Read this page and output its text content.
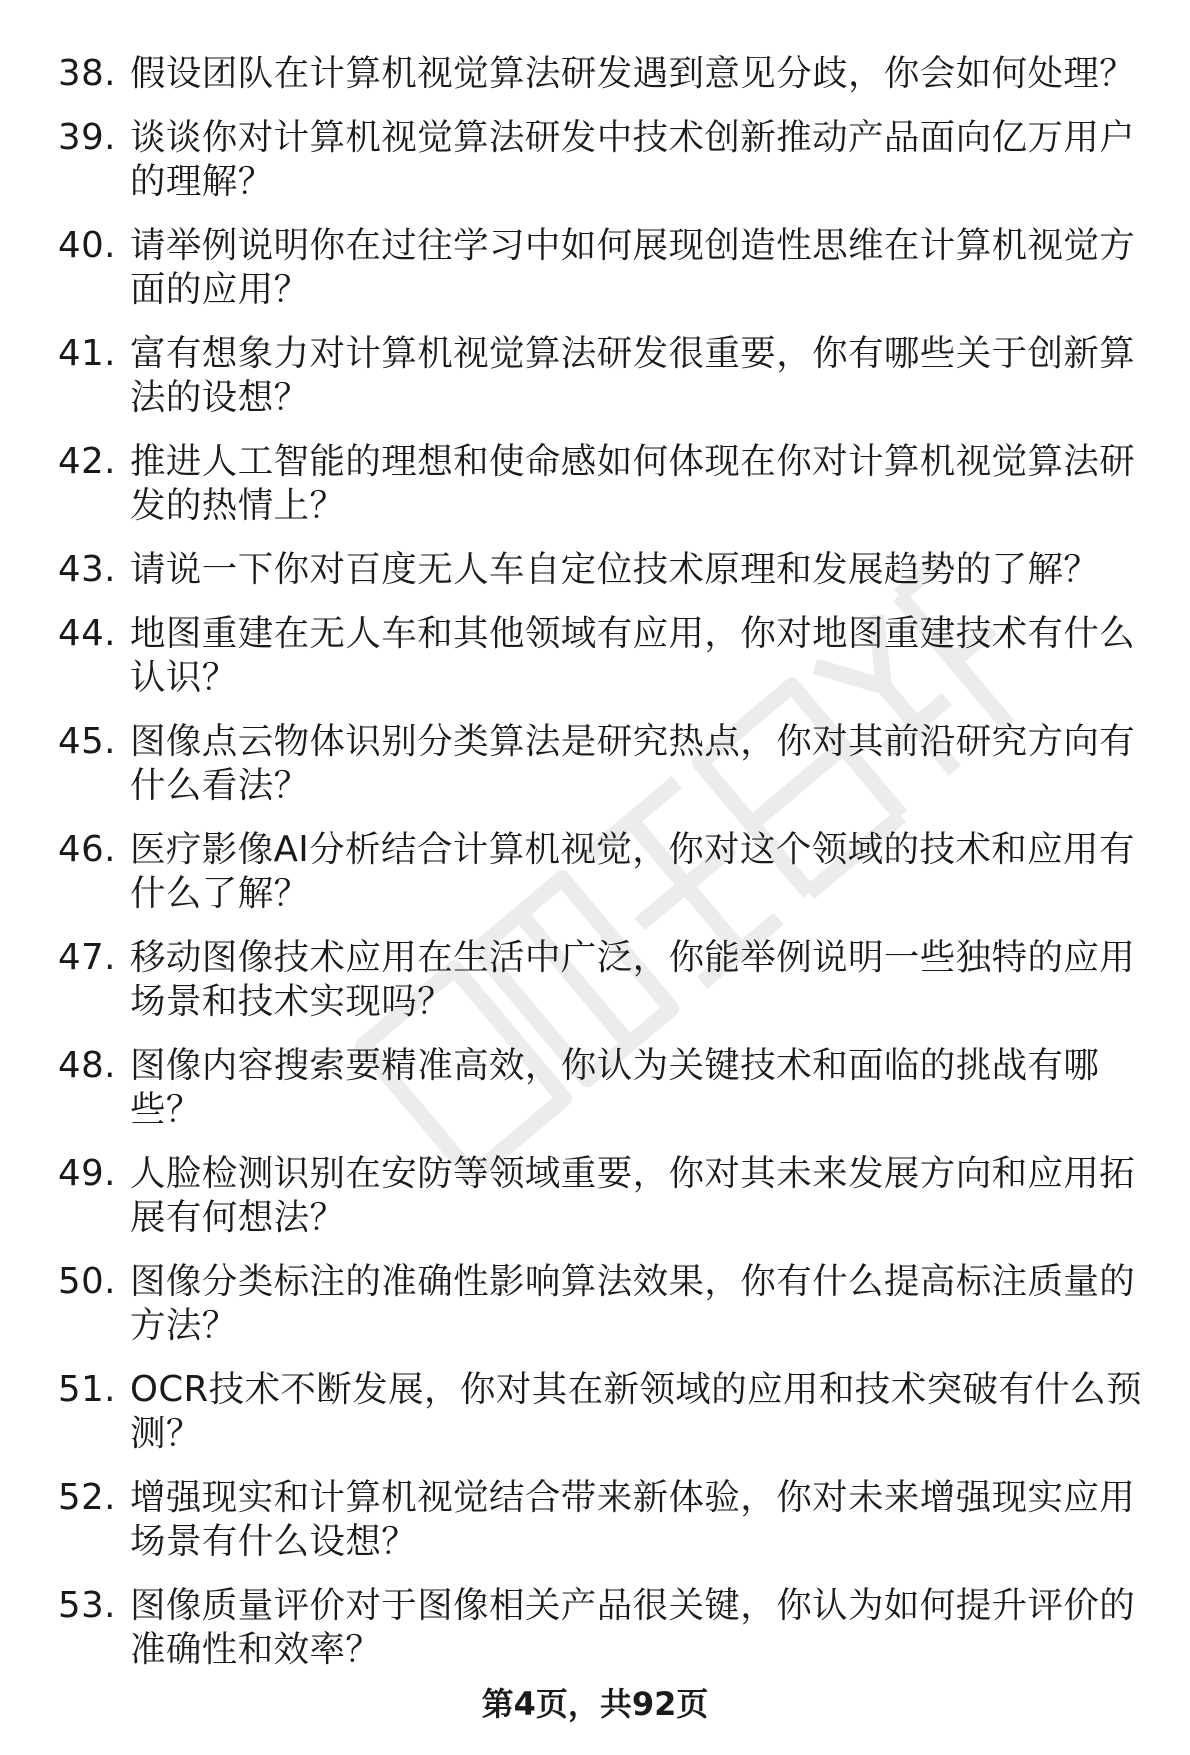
38. 假设团队在计算机视觉算法研发遇到意见分歧，你会如何处理？
39. 谈谈你对计算机视觉算法研发中技术创新推动产品面向亿万用户的理解？
40. 请举例说明你在过往学习中如何展现创造性思维在计算机视觉方面的应用？
41. 富有想象力对计算机视觉算法研发很重要，你有哪些关于创新算法的设想？
42. 推进人工智能的理想和使命感如何体现在你对计算机视觉算法研发的热情上？
43. 请说一下你对百度无人车自定位技术原理和发展趋势的了解？
44. 地图重建在无人车和其他领域有应用，你对地图重建技术有什么认识？
45. 图像点云物体识别分类算法是研究热点，你对其前沿研究方向有什么看法？
46. 医疗影像AI分析结合计算机视觉，你对这个领域的技术和应用有什么了解？
47. 移动图像技术应用在生活中广泛，你能举例说明一些独特的应用场景和技术实现吗？
48. 图像内容搜索要精准高效，你认为关键技术和面临的挑战有哪些？
49. 人脸检测识别在安防等领域重要，你对其未来发展方向和应用拓展有何想法？
50. 图像分类标注的准确性影响算法效果，你有什么提高标注质量的方法？
51. OCR技术不断发展，你对其在新领域的应用和技术突破有什么预测？
52. 增强现实和计算机视觉结合带来新体验，你对未来增强现实应用场景有什么设想？
53. 图像质量评价对于图像相关产品很关键，你认为如何提升评价的准确性和效率？
第4页，共92页
